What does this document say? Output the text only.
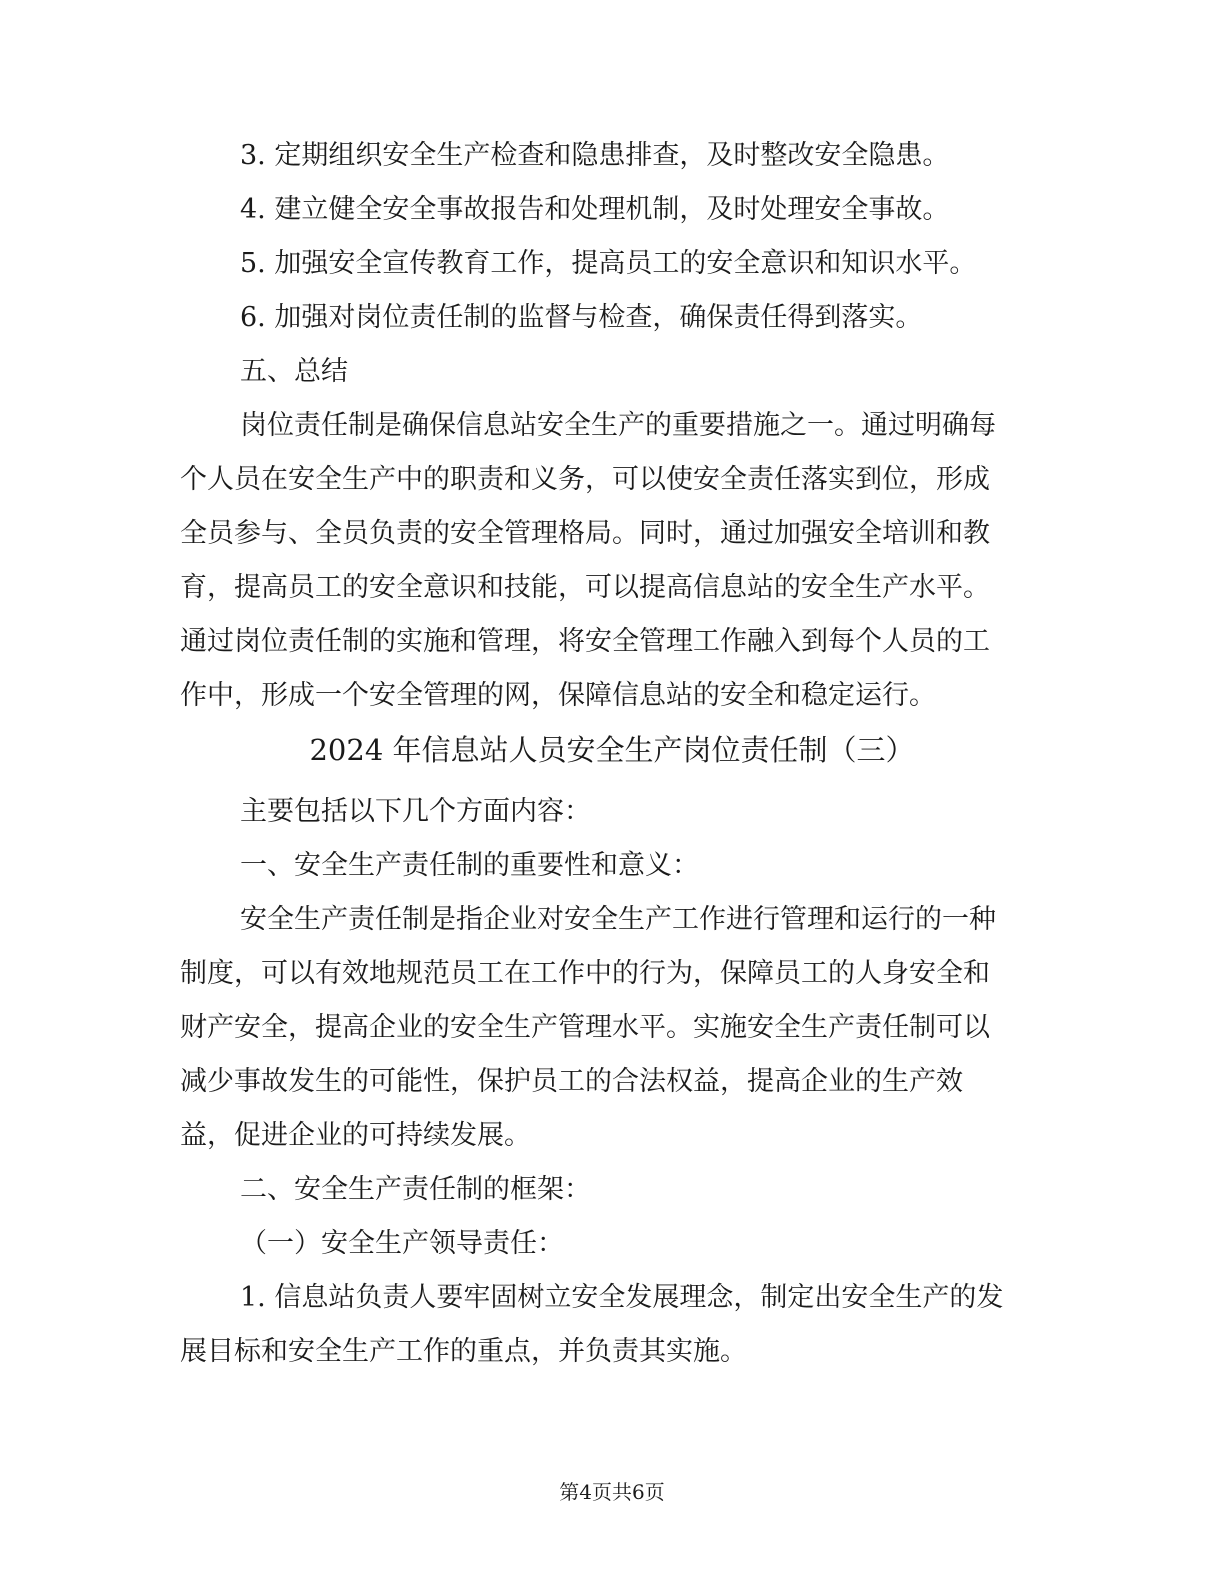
3. 定期组织安全生产检查和隐患排查，及时整改安全隐患。
4. 建立健全安全事故报告和处理机制，及时处理安全事故。
5. 加强安全宣传教育工作，提高员工的安全意识和知识水平。
6. 加强对岗位责任制的监督与检查，确保责任得到落实。
五、总结
岗位责任制是确保信息站安全生产的重要措施之一。通过明确每
个人员在安全生产中的职责和义务，可以使安全责任落实到位，形成
全员参与、全员负责的安全管理格局。同时，通过加强安全培训和教
育，提高员工的安全意识和技能，可以提高信息站的安全生产水平。
通过岗位责任制的实施和管理，将安全管理工作融入到每个人员的工
作中，形成一个安全管理的网，保障信息站的安全和稳定运行。
2024 年信息站人员安全生产岗位责任制（三）
主要包括以下几个方面内容：
一、安全生产责任制的重要性和意义：
安全生产责任制是指企业对安全生产工作进行管理和运行的一种
制度，可以有效地规范员工在工作中的行为，保障员工的人身安全和
财产安全，提高企业的安全生产管理水平。实施安全生产责任制可以
减少事故发生的可能性，保护员工的合法权益，提高企业的生产效
益，促进企业的可持续发展。
二、安全生产责任制的框架：
（一）安全生产领导责任：
1. 信息站负责人要牢固树立安全发展理念，制定出安全生产的发
展目标和安全生产工作的重点，并负责其实施。
第4页共6页
